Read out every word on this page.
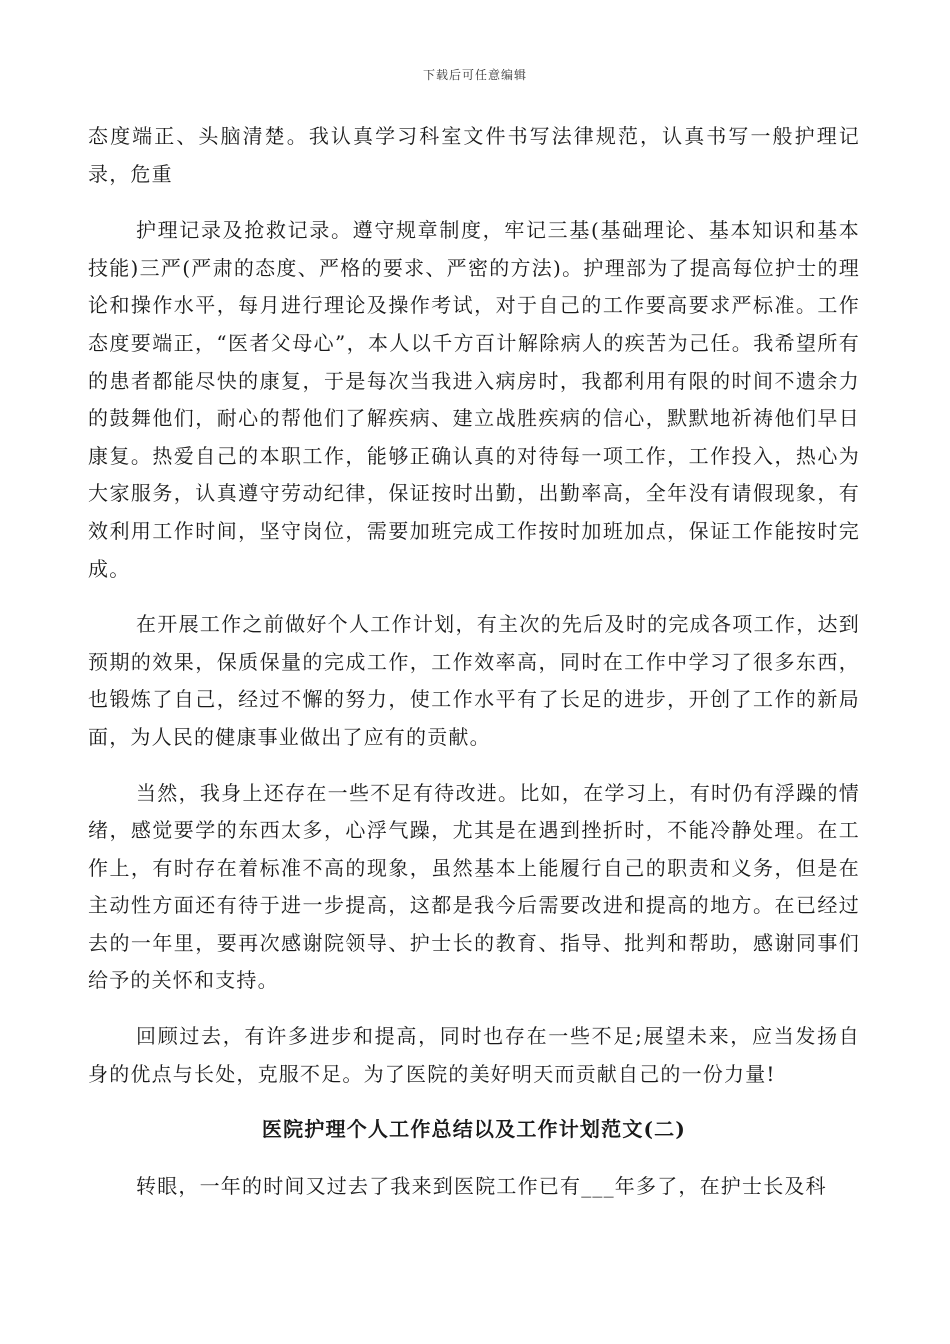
下载后可任意编辑

态度端正、头脑清楚。我认真学习科室文件书写法律规范，认真书写一般护理记录，危重

护理记录及抢救记录。遵守规章制度，牢记三基(基础理论、基本知识和基本技能)三严(严肃的态度、严格的要求、严密的方法)。护理部为了提高每位护士的理论和操作水平，每月进行理论及操作考试，对于自己的工作要高要求严标准。工作态度要端正，“医者父母心”，本人以千方百计解除病人的疾苦为己任。我希望所有的患者都能尽快的康复，于是每次当我进入病房时，我都利用有限的时间不遗余力的鼓舞他们，耐心的帮他们了解疾病、建立战胜疾病的信心，默默地祈祷他们早日康复。热爱自己的本职工作，能够正确认真的对待每一项工作，工作投入，热心为大家服务，认真遵守劳动纪律，保证按时出勤，出勤率高，全年没有请假现象，有效利用工作时间，坚守岗位，需要加班完成工作按时加班加点，保证工作能按时完成。

在开展工作之前做好个人工作计划，有主次的先后及时的完成各项工作，达到预期的效果，保质保量的完成工作，工作效率高，同时在工作中学习了很多东西，也锻炼了自己，经过不懈的努力，使工作水平有了长足的进步，开创了工作的新局面，为人民的健康事业做出了应有的贡献。

当然，我身上还存在一些不足有待改进。比如，在学习上，有时仍有浮躁的情绪，感觉要学的东西太多，心浮气躁，尤其是在遇到挫折时，不能冷静处理。在工作上，有时存在着标准不高的现象，虽然基本上能履行自己的职责和义务，但是在主动性方面还有待于进一步提高，这都是我今后需要改进和提高的地方。在已经过去的一年里，要再次感谢院领导、护士长的教育、指导、批判和帮助，感谢同事们给予的关怀和支持。

回顾过去，有许多进步和提高，同时也存在一些不足;展望未来，应当发扬自身的优点与长处，克服不足。为了医院的美好明天而贡献自己的一份力量!

医院护理个人工作总结以及工作计划范文(二)

转眼，一年的时间又过去了我来到医院工作已有___年多了，在护士长及科
